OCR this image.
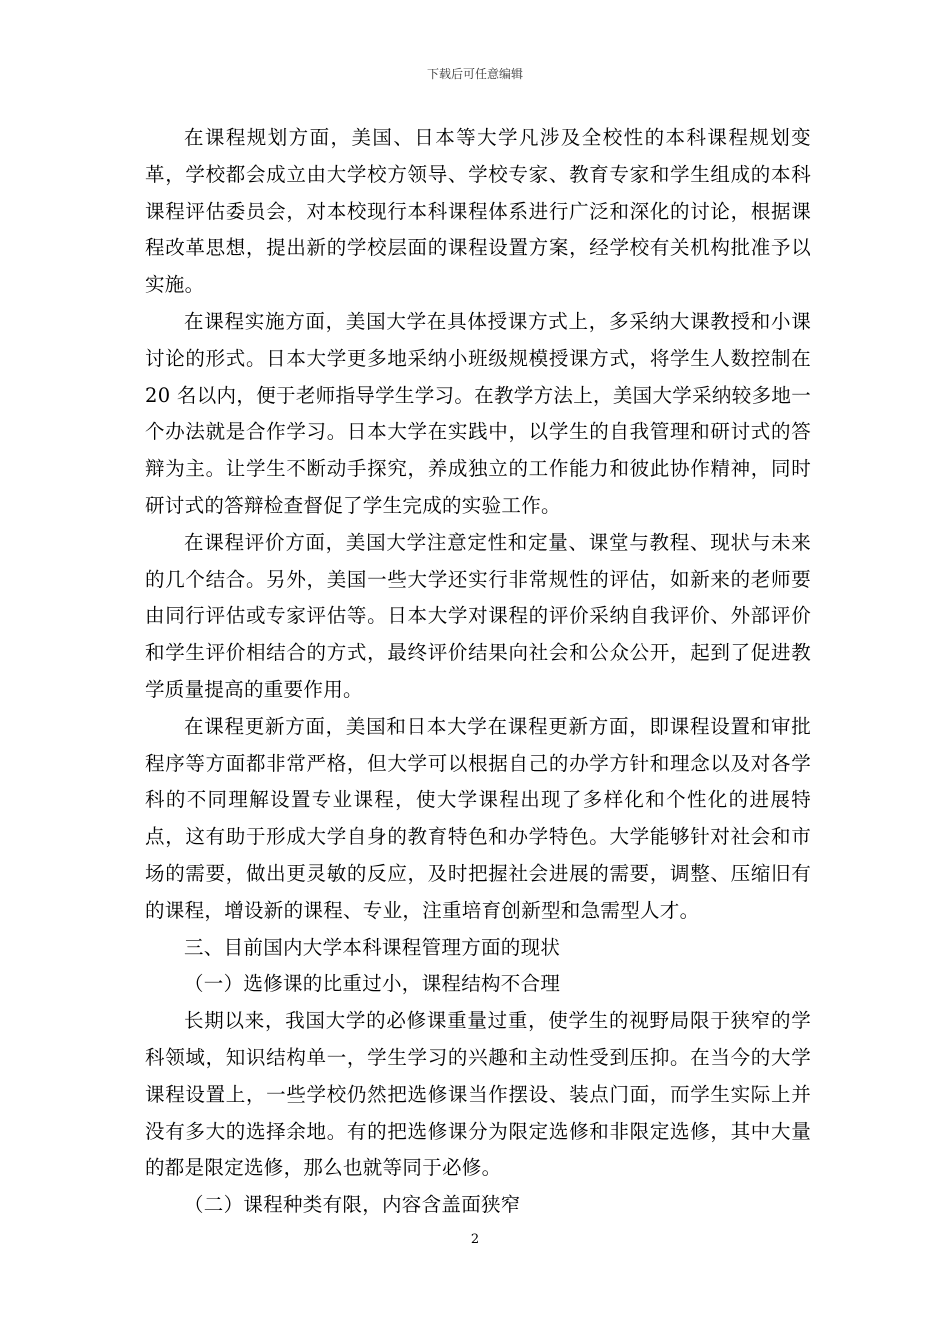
下载后可任意编辑

在课程规划方面，美国、日本等大学凡涉及全校性的本科课程规划变革，学校都会成立由大学校方领导、学校专家、教育专家和学生组成的本科课程评估委员会，对本校现行本科课程体系进行广泛和深化的讨论，根据课程改革思想，提出新的学校层面的课程设置方案，经学校有关机构批准予以实施。

在课程实施方面，美国大学在具体授课方式上，多采纳大课教授和小课讨论的形式。日本大学更多地采纳小班级规模授课方式，将学生人数控制在 20 名以内，便于老师指导学生学习。在教学方法上，美国大学采纳较多地一个办法就是合作学习。日本大学在实践中，以学生的自我管理和研讨式的答辩为主。让学生不断动手探究，养成独立的工作能力和彼此协作精神，同时研讨式的答辩检查督促了学生完成的实验工作。

在课程评价方面，美国大学注意定性和定量、课堂与教程、现状与未来的几个结合。另外，美国一些大学还实行非常规性的评估，如新来的老师要由同行评估或专家评估等。日本大学对课程的评价采纳自我评价、外部评价和学生评价相结合的方式，最终评价结果向社会和公众公开，起到了促进教学质量提高的重要作用。

在课程更新方面，美国和日本大学在课程更新方面，即课程设置和审批程序等方面都非常严格，但大学可以根据自己的办学方针和理念以及对各学科的不同理解设置专业课程，使大学课程出现了多样化和个性化的进展特点，这有助于形成大学自身的教育特色和办学特色。大学能够针对社会和市场的需要，做出更灵敏的反应，及时把握社会进展的需要，调整、压缩旧有的课程，增设新的课程、专业，注重培育创新型和急需型人才。

三、目前国内大学本科课程管理方面的现状

（一）选修课的比重过小，课程结构不合理

长期以来，我国大学的必修课重量过重，使学生的视野局限于狭窄的学科领域，知识结构单一，学生学习的兴趣和主动性受到压抑。在当今的大学课程设置上，一些学校仍然把选修课当作摆设、装点门面，而学生实际上并没有多大的选择余地。有的把选修课分为限定选修和非限定选修，其中大量的都是限定选修，那么也就等同于必修。

（二）课程种类有限，内容含盖面狭窄

2
